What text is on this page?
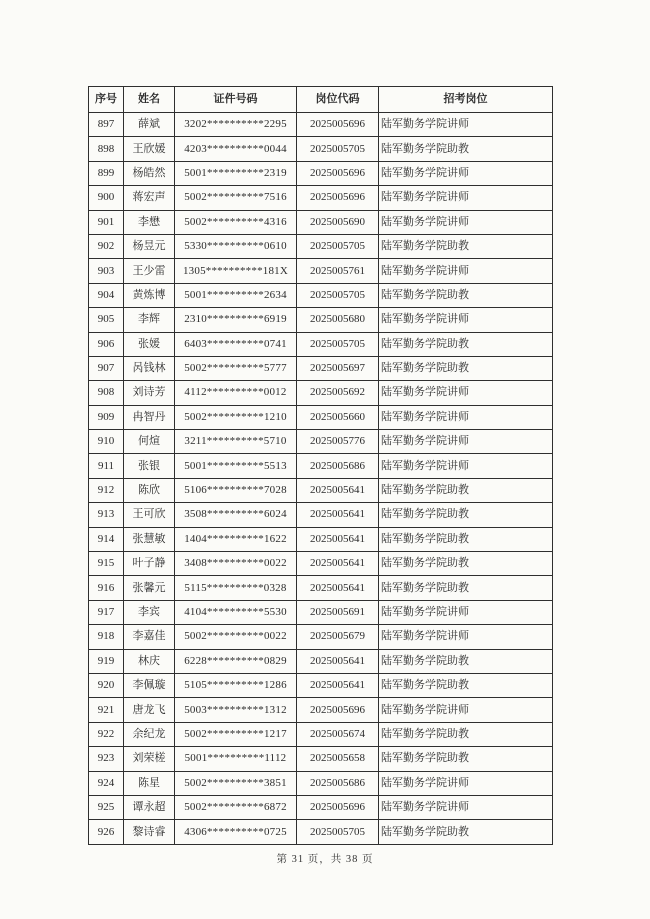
序号	姓名	证件号码	岗位代码	招考岗位
897	薛斌	3202**********2295	2025005696	陆军勤务学院讲师
898	王欣媛	4203**********0044	2025005705	陆军勤务学院助教
899	杨皓然	5001**********2319	2025005696	陆军勤务学院讲师
900	蒋宏声	5002**********7516	2025005696	陆军勤务学院讲师
901	李懋	5002**********4316	2025005690	陆军勤务学院讲师
902	杨昱元	5330**********0610	2025005705	陆军勤务学院助教
903	王少雷	1305**********181X	2025005761	陆军勤务学院讲师
904	黄炼博	5001**********2634	2025005705	陆军勤务学院助教
905	李辉	2310**********6919	2025005680	陆军勤务学院讲师
906	张媛	6403**********0741	2025005705	陆军勤务学院助教
907	呙钱林	5002**********5777	2025005697	陆军勤务学院助教
908	刘诗芳	4112**********0012	2025005692	陆军勤务学院讲师
909	冉智丹	5002**********1210	2025005660	陆军勤务学院讲师
910	何煊	3211**********5710	2025005776	陆军勤务学院讲师
911	张银	5001**********5513	2025005686	陆军勤务学院讲师
912	陈欣	5106**********7028	2025005641	陆军勤务学院助教
913	王可欣	3508**********6024	2025005641	陆军勤务学院助教
914	张慧敏	1404**********1622	2025005641	陆军勤务学院助教
915	叶子静	3408**********0022	2025005641	陆军勤务学院助教
916	张馨元	5115**********0328	2025005641	陆军勤务学院助教
917	李宾	4104**********5530	2025005691	陆军勤务学院讲师
918	李嘉佳	5002**********0022	2025005679	陆军勤务学院讲师
919	林庆	6228**********0829	2025005641	陆军勤务学院助教
920	李佩璇	5105**********1286	2025005641	陆军勤务学院助教
921	唐龙飞	5003**********1312	2025005696	陆军勤务学院讲师
922	余纪龙	5002**********1217	2025005674	陆军勤务学院助教
923	刘荣槎	5001**********1112	2025005658	陆军勤务学院助教
924	陈星	5002**********3851	2025005686	陆军勤务学院讲师
925	谭永超	5002**********6872	2025005696	陆军勤务学院讲师
926	黎诗睿	4306**********0725	2025005705	陆军勤务学院助教
第 31 页，共 38 页
